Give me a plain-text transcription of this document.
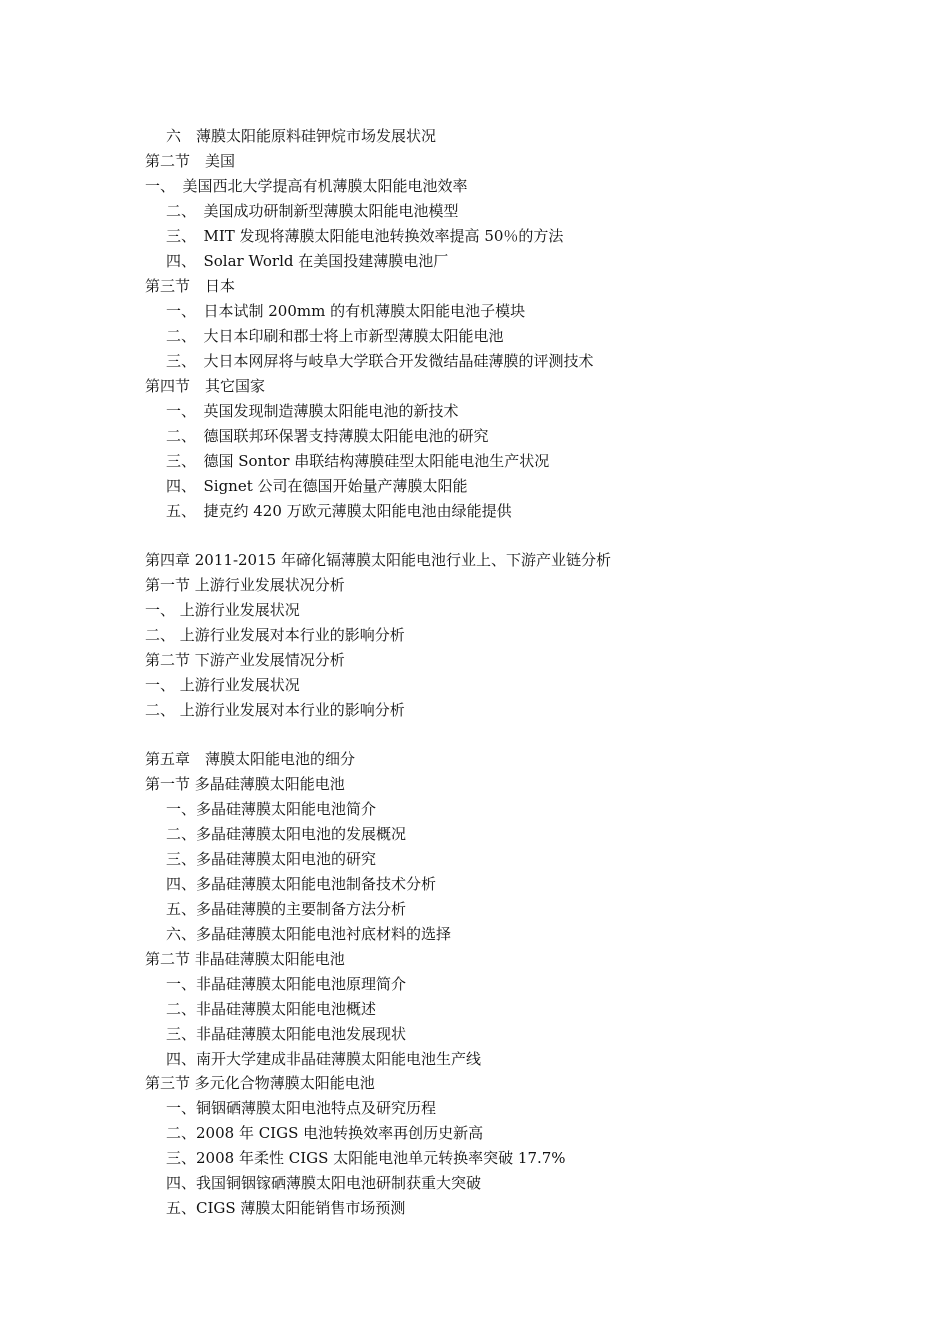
六　薄膜太阳能原料硅钾烷市场发展状况
第二节　美国
一、　美国西北大学提高有机薄膜太阳能电池效率
二、　美国成功研制新型薄膜太阳能电池模型
三、　MIT 发现将薄膜太阳能电池转换效率提高 50％的方法
四、　Solar World 在美国投建薄膜电池厂
第三节　日本
一、　日本试制 200mm 的有机薄膜太阳能电池子模块
二、　大日本印刷和郡士将上市新型薄膜太阳能电池
三、　大日本网屏将与岐阜大学联合开发微结晶硅薄膜的评测技术
第四节　其它国家
一、　英国发现制造薄膜太阳能电池的新技术
二、　德国联邦环保署支持薄膜太阳能电池的研究
三、　德国 Sontor 串联结构薄膜硅型太阳能电池生产状况
四、　Signet 公司在德国开始量产薄膜太阳能
五、　捷克约 420 万欧元薄膜太阳能电池由绿能提供
第四章 2011-2015 年碲化镉薄膜太阳能电池行业上、下游产业链分析
第一节 上游行业发展状况分析
一、 上游行业发展状况
二、 上游行业发展对本行业的影响分析
第二节 下游产业发展情况分析
一、 上游行业发展状况
二、 上游行业发展对本行业的影响分析
第五章　薄膜太阳能电池的细分
第一节 多晶硅薄膜太阳能电池
一、多晶硅薄膜太阳能电池简介
二、多晶硅薄膜太阳电池的发展概况
三、多晶硅薄膜太阳电池的研究
四、多晶硅薄膜太阳能电池制备技术分析
五、多晶硅薄膜的主要制备方法分析
六、多晶硅薄膜太阳能电池衬底材料的选择
第二节 非晶硅薄膜太阳能电池
一、非晶硅薄膜太阳能电池原理简介
二、非晶硅薄膜太阳能电池概述
三、非晶硅薄膜太阳能电池发展现状
四、南开大学建成非晶硅薄膜太阳能电池生产线
第三节 多元化合物薄膜太阳能电池
一、铜铟硒薄膜太阳电池特点及研究历程
二、2008 年 CIGS 电池转换效率再创历史新高
三、2008 年柔性 CIGS 太阳能电池单元转换率突破 17.7%
四、我国铜铟镓硒薄膜太阳电池研制获重大突破
五、CIGS 薄膜太阳能销售市场预测
